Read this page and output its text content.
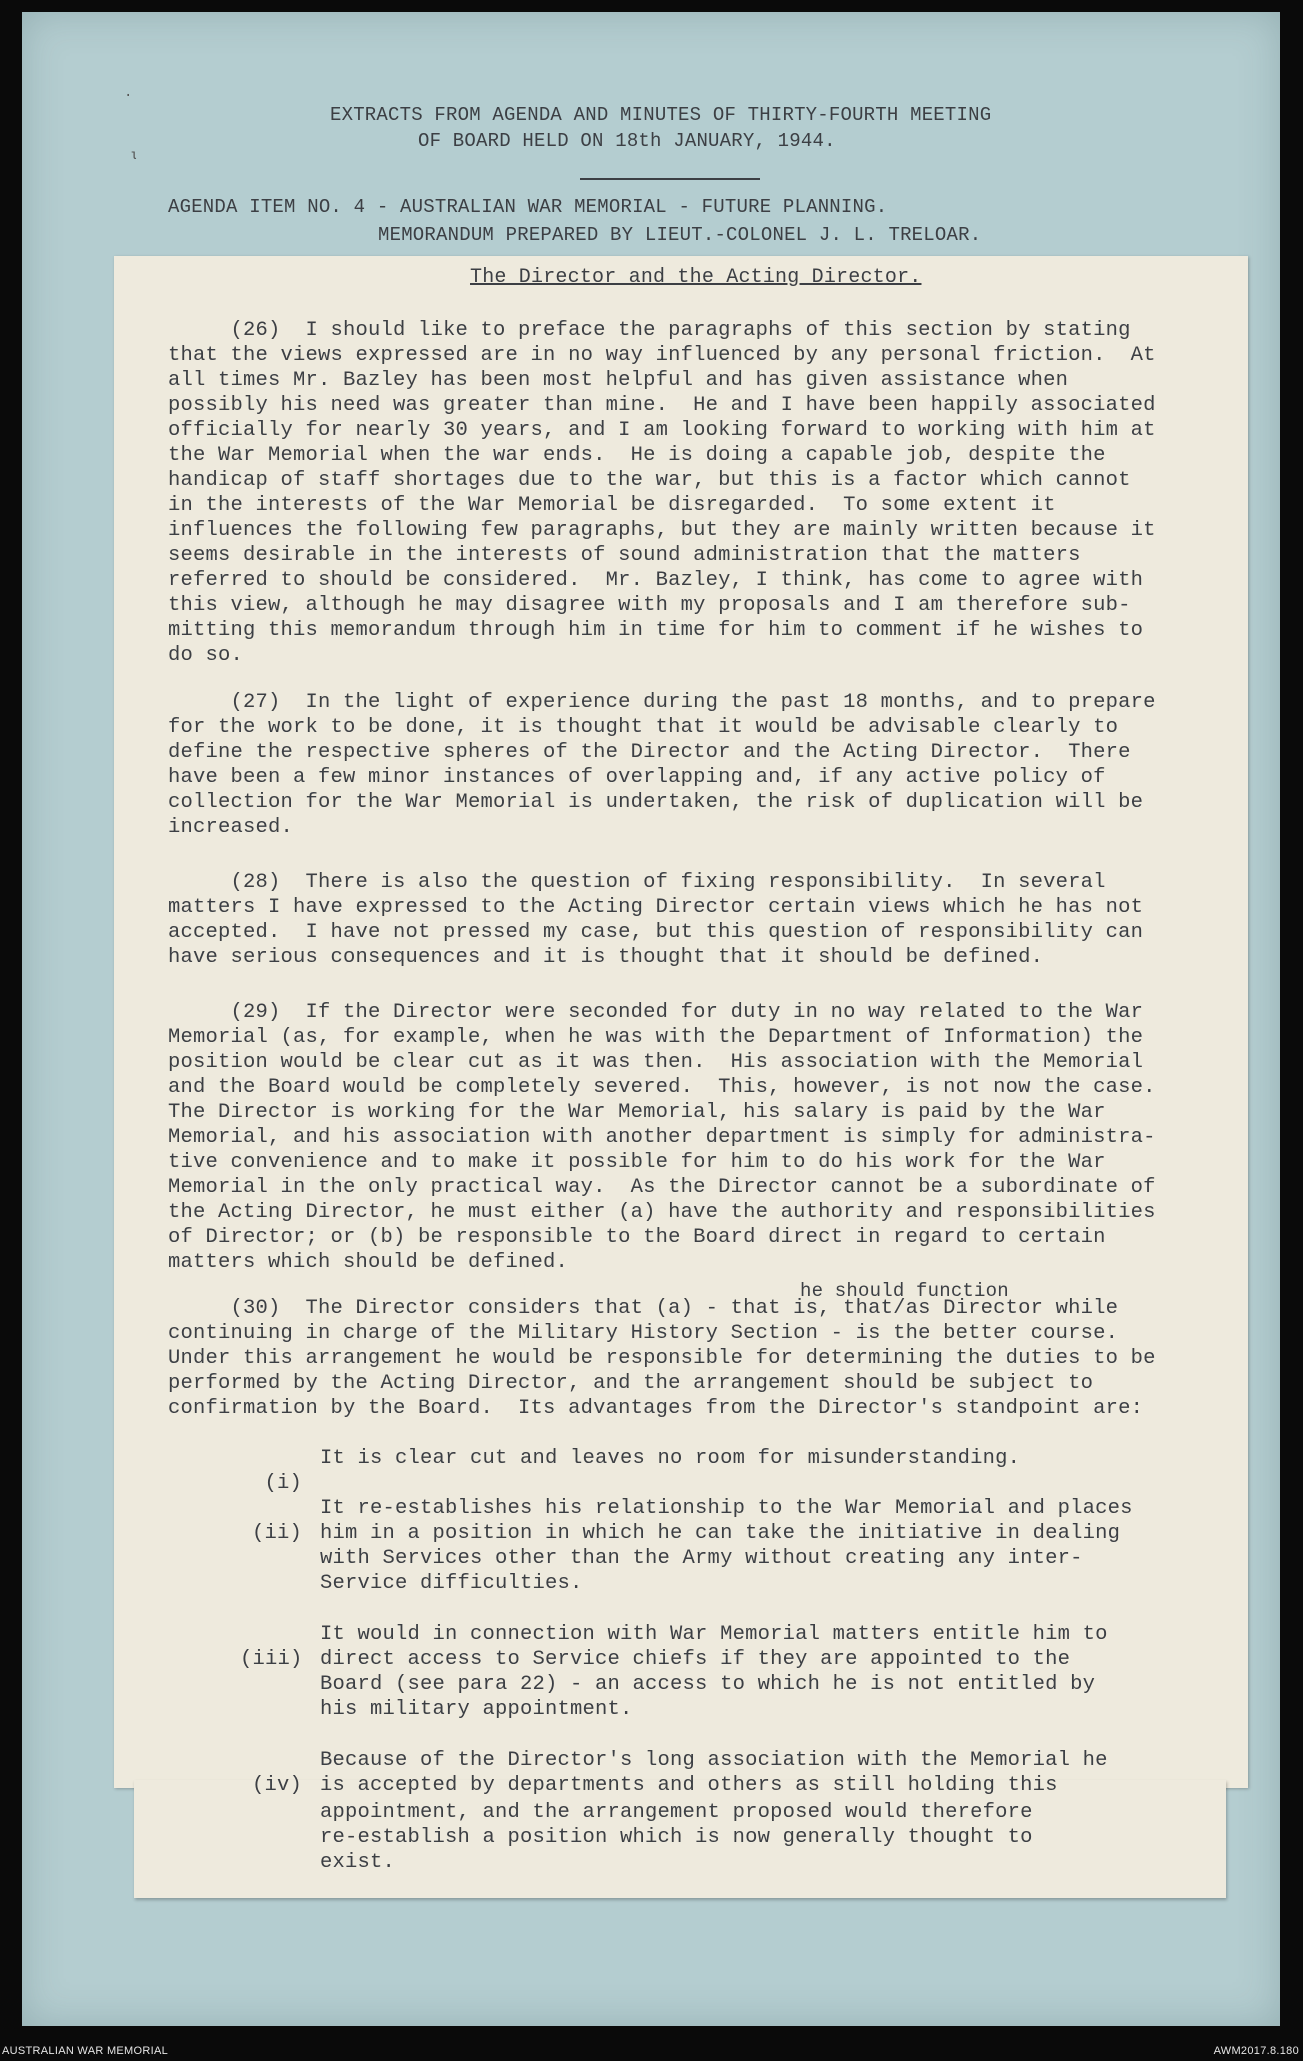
·
ɩ
EXTRACTS FROM AGENDA AND MINUTES OF THIRTY-FOURTH MEETING
OF BOARD HELD ON 18th JANUARY, 1944.
AGENDA ITEM NO. 4 - AUSTRALIAN WAR MEMORIAL - FUTURE PLANNING.
MEMORANDUM PREPARED BY LIEUT.-COLONEL J. L. TRELOAR.
The Director and the Acting Director.
(26)  I should like to preface the paragraphs of this section by stating
that the views expressed are in no way influenced by any personal friction.  At
all times Mr. Bazley has been most helpful and has given assistance when
possibly his need was greater than mine.  He and I have been happily associated
officially for nearly 30 years, and I am looking forward to working with him at
the War Memorial when the war ends.  He is doing a capable job, despite the
handicap of staff shortages due to the war, but this is a factor which cannot
in the interests of the War Memorial be disregarded.  To some extent it
influences the following few paragraphs, but they are mainly written because it
seems desirable in the interests of sound administration that the matters
referred to should be considered.  Mr. Bazley, I think, has come to agree with
this view, although he may disagree with my proposals and I am therefore sub-
mitting this memorandum through him in time for him to comment if he wishes to
do so.
(27)  In the light of experience during the past 18 months, and to prepare
for the work to be done, it is thought that it would be advisable clearly to
define the respective spheres of the Director and the Acting Director.  There
have been a few minor instances of overlapping and, if any active policy of
collection for the War Memorial is undertaken, the risk of duplication will be
increased.
(28)  There is also the question of fixing responsibility.  In several
matters I have expressed to the Acting Director certain views which he has not
accepted.  I have not pressed my case, but this question of responsibility can
have serious consequences and it is thought that it should be defined.
(29)  If the Director were seconded for duty in no way related to the War
Memorial (as, for example, when he was with the Department of Information) the
position would be clear cut as it was then.  His association with the Memorial
and the Board would be completely severed.  This, however, is not now the case.
The Director is working for the War Memorial, his salary is paid by the War
Memorial, and his association with another department is simply for administra-
tive convenience and to make it possible for him to do his work for the War
Memorial in the only practical way.  As the Director cannot be a subordinate of
the Acting Director, he must either (a) have the authority and responsibilities
of Director; or (b) be responsible to the Board direct in regard to certain
matters which should be defined.
he should function
(30)  The Director considers that (a) - that is, that/as Director while
continuing in charge of the Military History Section - is the better course.
Under this arrangement he would be responsible for determining the duties to be
performed by the Acting Director, and the arrangement should be subject to
confirmation by the Board.  Its advantages from the Director's standpoint are:

(i)

It is clear cut and leaves no room for misunderstanding.

(ii)

It re-establishes his relationship to the War Memorial and places
him in a position in which he can take the initiative in dealing
with Services other than the Army without creating any inter-
Service difficulties.

(iii)

It would in connection with War Memorial matters entitle him to
direct access to Service chiefs if they are appointed to the
Board (see para 22) - an access to which he is not entitled by
his military appointment.

(iv)

Because of the Director's long association with the Memorial he
is accepted by departments and others as still holding this

appointment, and the arrangement proposed would therefore
re-establish a position which is now generally thought to
exist.
AUSTRALIAN WAR MEMORIAL	AWM2017.8.180
